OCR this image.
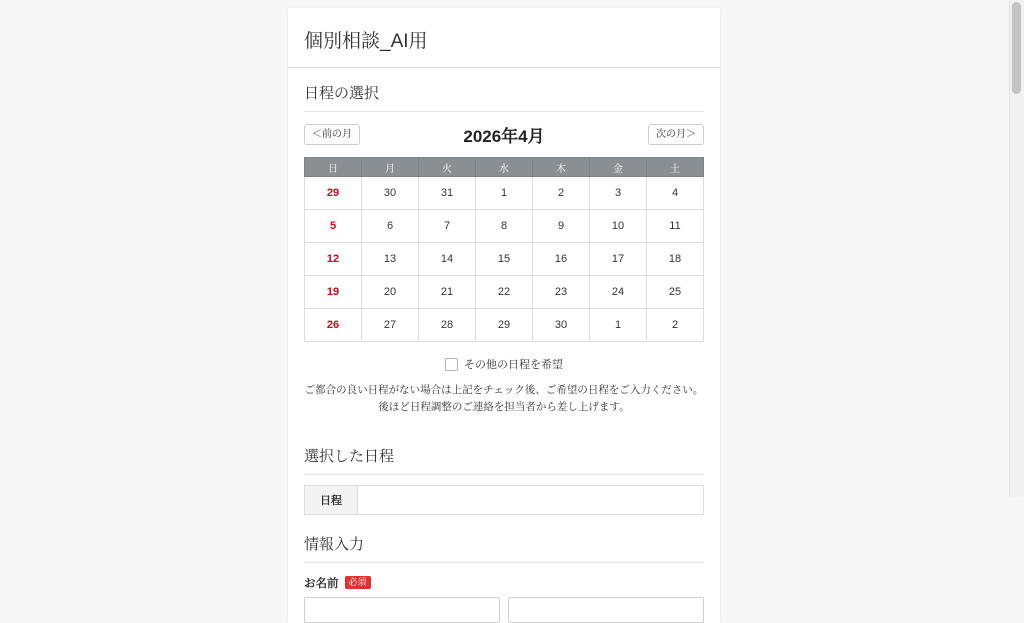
個別相談_AI用
日程の選択
＜前の月	2026年4月	次の月＞
日	月	火	水	木	金	土
29	30	31	1	2	3	4
5	6	7	8	9	10	11
12	13	14	15	16	17	18
19	20	21	22	23	24	25
26	27	28	29	30	1	2
その他の日程を希望
ご都合の良い日程がない場合は上記をチェック後、ご希望の日程をご入力ください。
後ほど日程調整のご連絡を担当者から差し上げます。
選択した日程
日程	
情報入力
お名前	必須
